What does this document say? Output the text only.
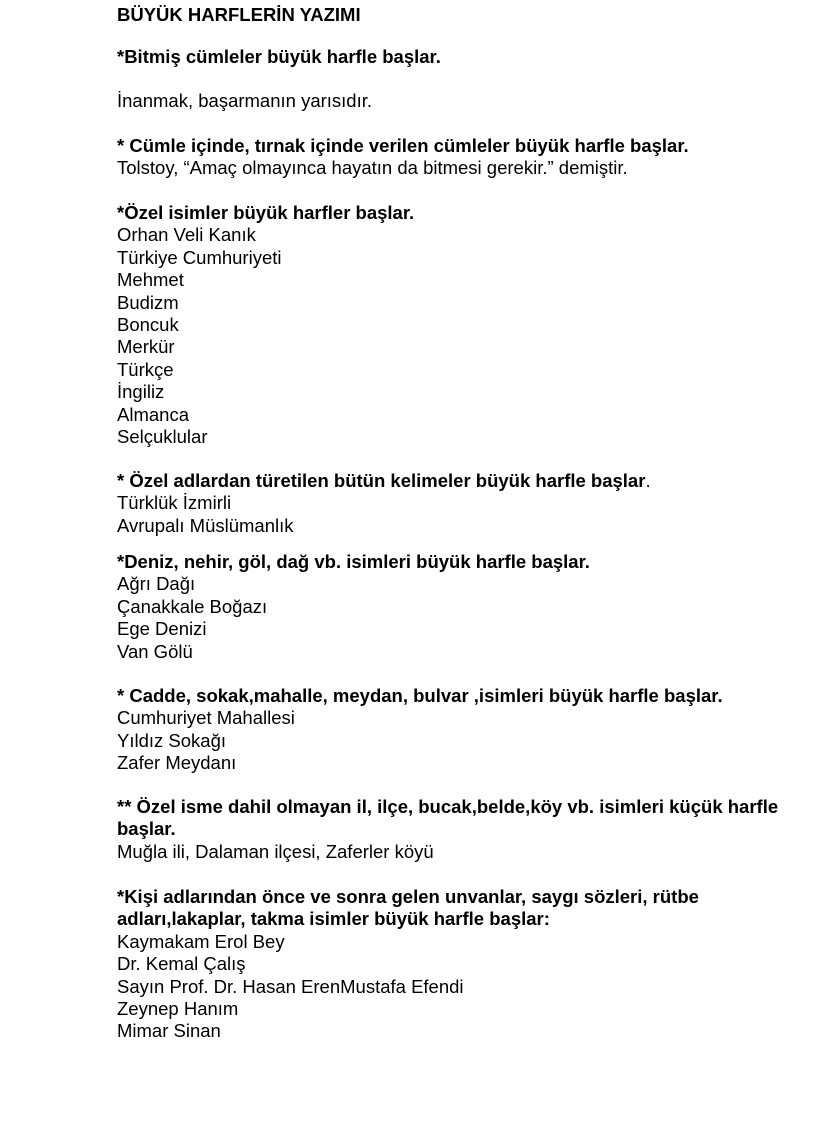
BÜYÜK HARFLERİN YAZIMI
*Bitmiş cümleler büyük harfle başlar.
İnanmak, başarmanın yarısıdır.
* Cümle içinde, tırnak içinde verilen cümleler büyük harfle başlar.
Tolstoy, “Amaç olmayınca hayatın da bitmesi gerekir.” demiştir.
*Özel isimler büyük harfler başlar.
Orhan Veli Kanık
Türkiye Cumhuriyeti
Mehmet
Budizm
Boncuk
Merkür
Türkçe
İngiliz
Almanca
Selçuklular
* Özel adlardan türetilen bütün kelimeler büyük harfle başlar.
Türklük İzmirli
Avrupalı Müslümanlık
*Deniz, nehir, göl, dağ vb. isimleri büyük harfle başlar.
Ağrı Dağı
Çanakkale Boğazı
Ege Denizi
Van Gölü
* Cadde, sokak,mahalle, meydan, bulvar ,isimleri büyük harfle başlar.
Cumhuriyet Mahallesi
Yıldız Sokağı
Zafer Meydanı
** Özel isme dahil olmayan il, ilçe, bucak,belde,köy vb. isimleri küçük harfle başlar.
Muğla ili, Dalaman ilçesi, Zaferler köyü
*Kişi adlarından önce ve sonra gelen unvanlar, saygı sözleri, rütbe adları,lakaplar, takma isimler büyük harfle başlar:
Kaymakam Erol Bey
Dr. Kemal Çalış
Sayın Prof. Dr. Hasan ErenMustafa Efendi
Zeynep Hanım
Mimar Sinan
